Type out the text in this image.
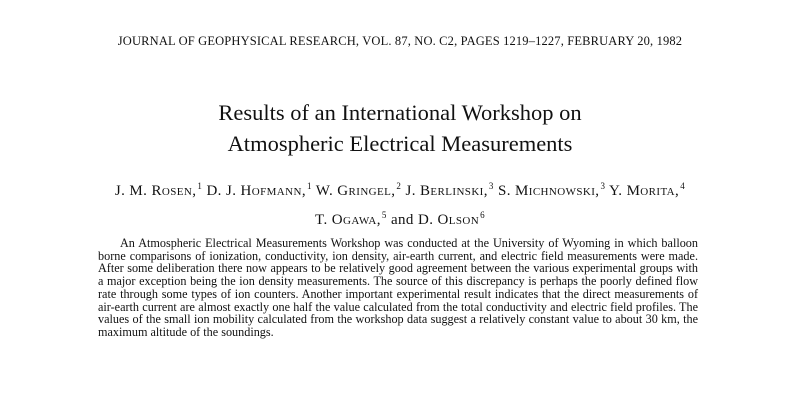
JOURNAL OF GEOPHYSICAL RESEARCH, VOL. 87, NO. C2, PAGES 1219–1227, FEBRUARY 20, 1982
Results of an International Workshop on
Atmospheric Electrical Measurements
J. M. Rosen,$^1$ D. J. Hofmann,$^1$ W. Gringel,$^2$ J. Berlinski,$^3$ S. Michnowski,$^3$ Y. Morita,$^4$
T. Ogawa,$^5$ and D. Olson$^6$

An Atmospheric Electrical Measurements Workshop was conducted at the University of Wyoming in which balloon borne comparisons of ionization, conductivity, ion density, air-earth current, and electric field measurements were made. After some deliberation there now appears to be relatively good agreement between the various experimental groups with a major exception being the ion density measurements. The source of this discrepancy is perhaps the poorly defined flow rate through some types of ion counters. Another important experimental result indicates that the direct measurements of air-earth current are almost exactly one half the value calculated from the total conductivity and electric field profiles. The values of the small ion mobility calculated from the workshop data suggest a relatively constant value to about 30 km, the maximum altitude of the soundings.
